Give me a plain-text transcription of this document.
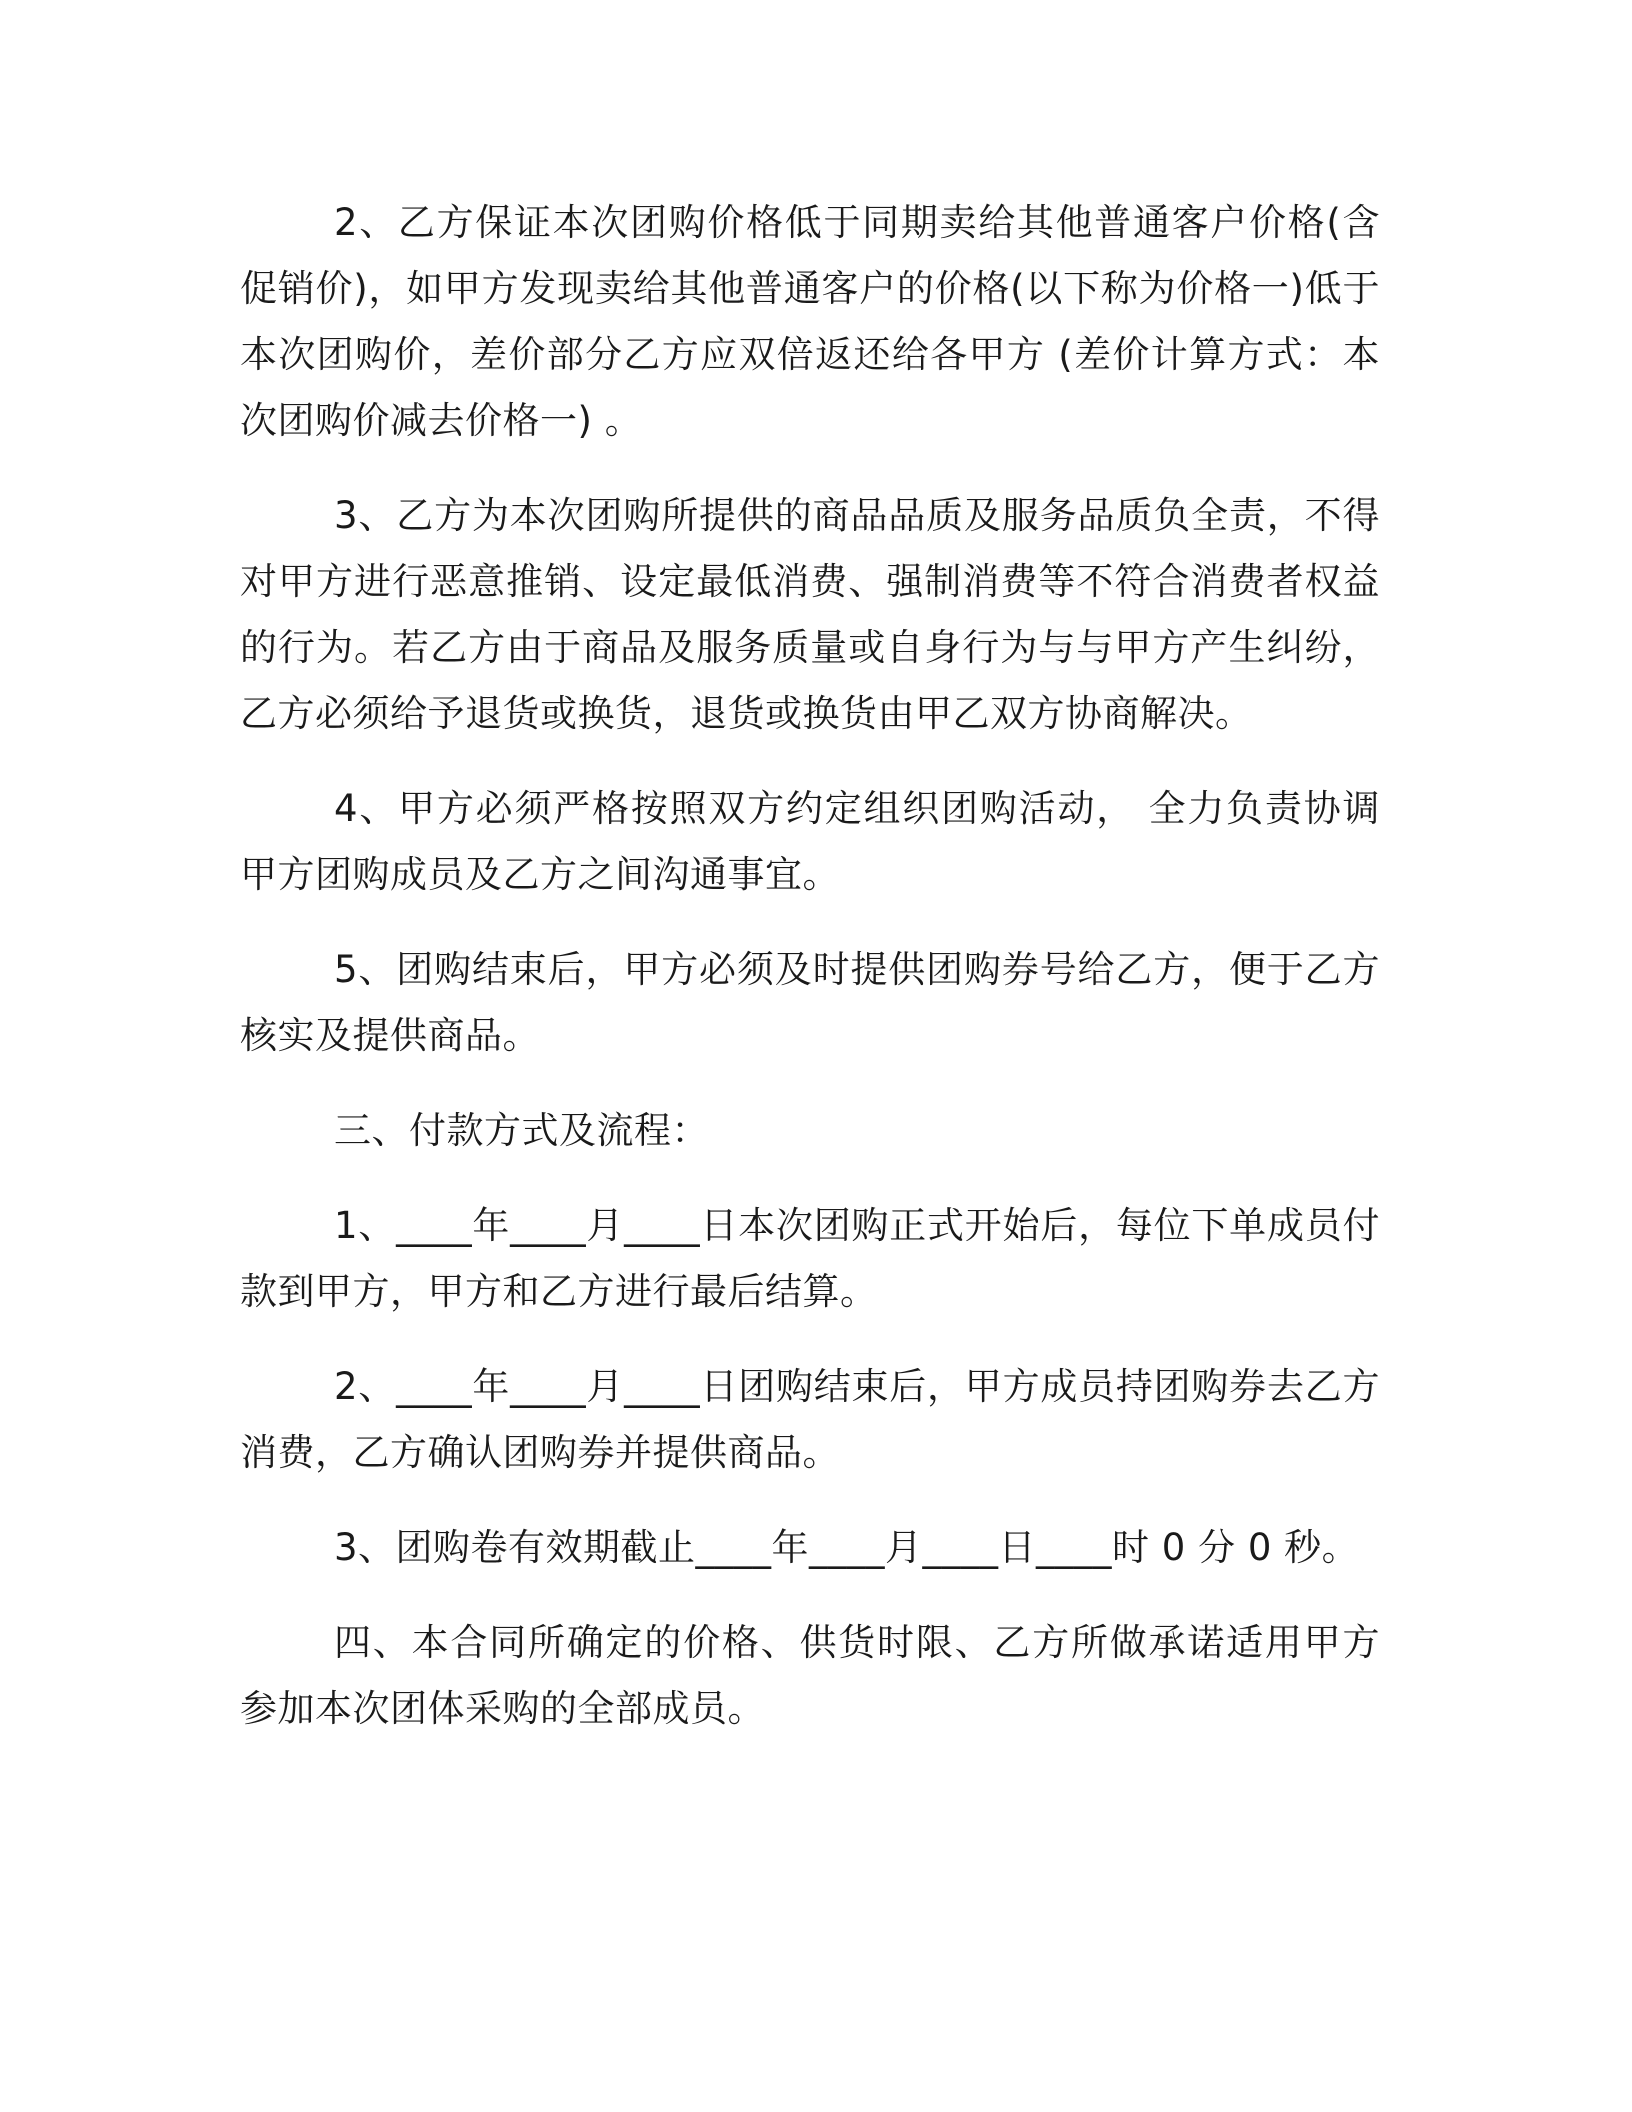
2、乙方保证本次团购价格低于同期卖给其他普通客户价格(含促销价)，如甲方发现卖给其他普通客户的价格(以下称为价格一)低于本次团购价，差价部分乙方应双倍返还给各甲方 (差价计算方式：本次团购价减去价格一) 。

3、乙方为本次团购所提供的商品品质及服务品质负全责，不得对甲方进行恶意推销、设定最低消费、强制消费等不符合消费者权益的行为。若乙方由于商品及服务质量或自身行为与与甲方产生纠纷，乙方必须给予退货或换货，退货或换货由甲乙双方协商解决。

4、甲方必须严格按照双方约定组织团购活动， 全力负责协调甲方团购成员及乙方之间沟通事宜。

5、团购结束后，甲方必须及时提供团购券号给乙方，便于乙方核实及提供商品。

三、付款方式及流程：

1、____年____月____日本次团购正式开始后，每位下单成员付款到甲方，甲方和乙方进行最后结算。

2、____年____月____日团购结束后，甲方成员持团购券去乙方消费，乙方确认团购券并提供商品。

3、团购卷有效期截止____年____月____日____时 0 分 0 秒。

四、本合同所确定的价格、供货时限、乙方所做承诺适用甲方参加本次团体采购的全部成员。
